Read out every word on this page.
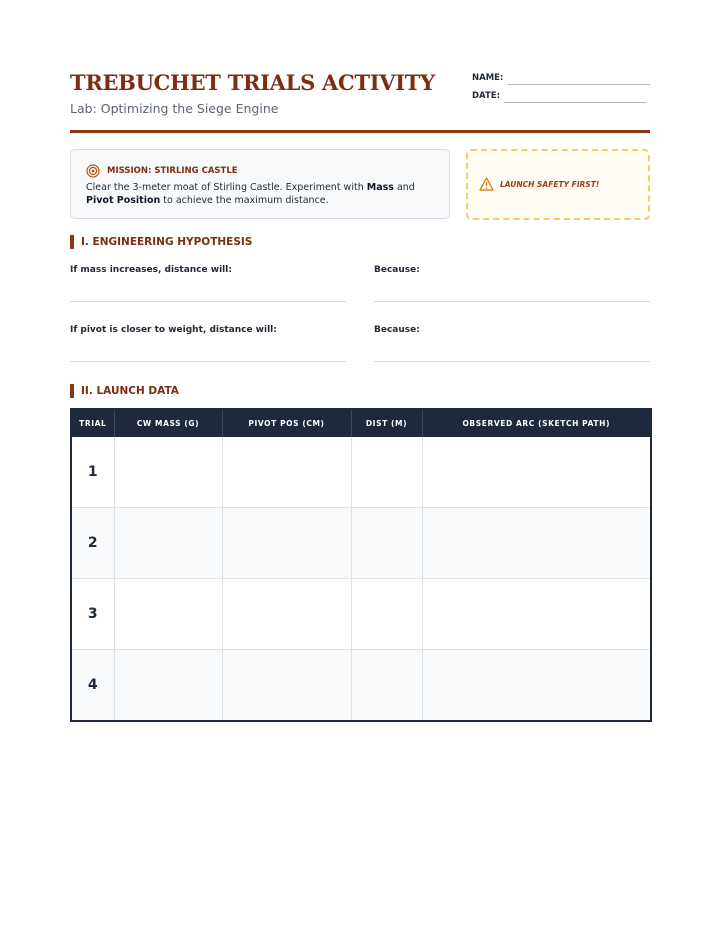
TREBUCHET TRIALS ACTIVITY
Lab: Optimizing the Siege Engine
NAME:
DATE:
MISSION: STIRLING CASTLE
Clear the 3-meter moat of Stirling Castle. Experiment with Mass and Pivot Position to achieve the maximum distance.
LAUNCH SAFETY FIRST!
I. ENGINEERING HYPOTHESIS
If mass increases, distance will:	Because:
If pivot is closer to weight, distance will:	Because:
II. LAUNCH DATA
TRIAL	CW MASS (G)	PIVOT POS (CM)	DIST (M)	OBSERVED ARC (SKETCH PATH)
1				
2				
3				
4				
